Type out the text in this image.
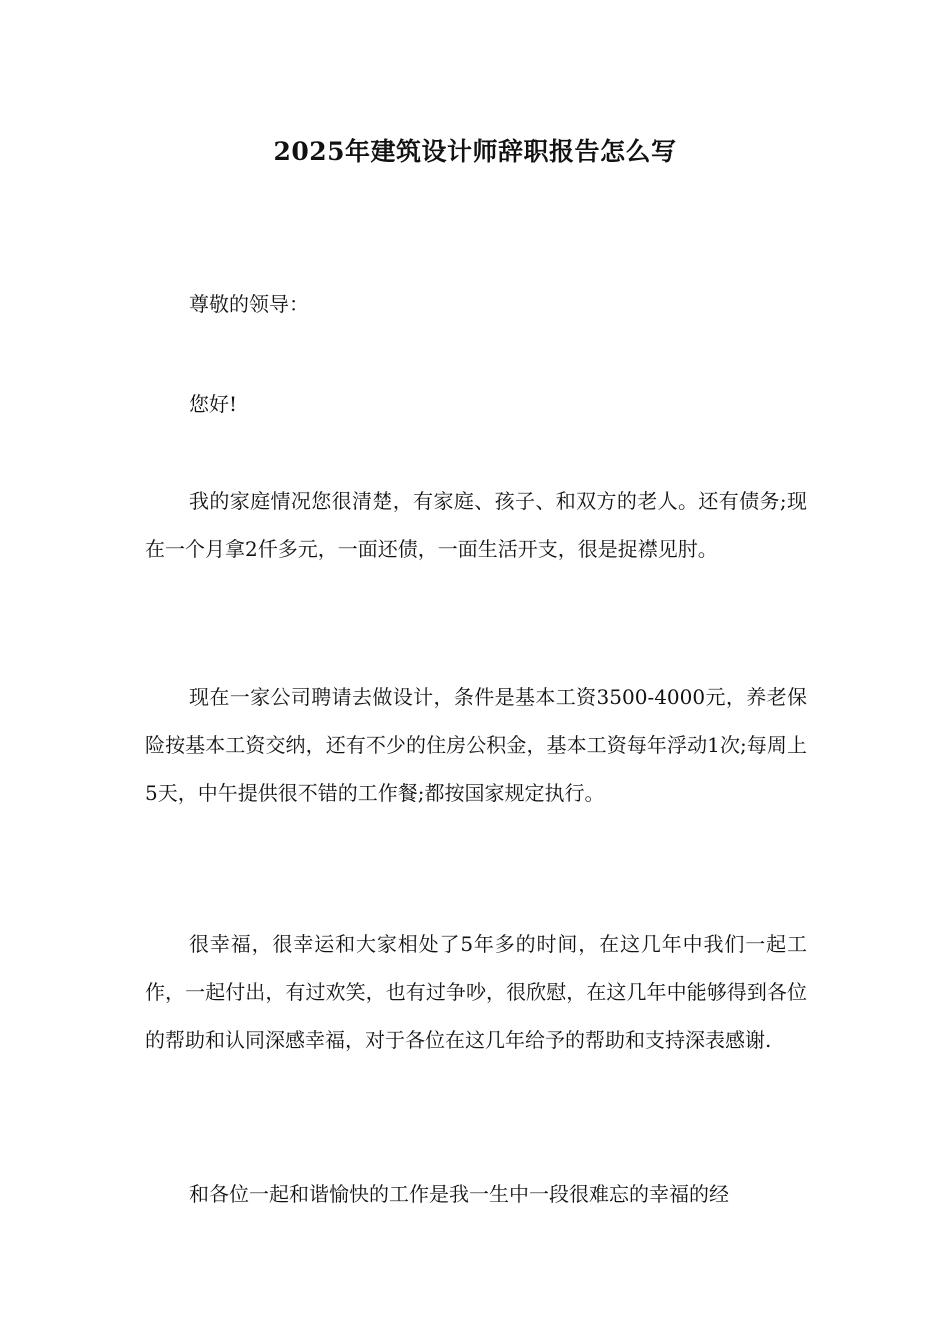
2025年建筑设计师辞职报告怎么写

尊敬的领导：

您好!

我的家庭情况您很清楚，有家庭、孩子、和双方的老人。还有债务;现在一个月拿2仟多元，一面还债，一面生活开支，很是捉襟见肘。

现在一家公司聘请去做设计，条件是基本工资3500-4000元，养老保险按基本工资交纳，还有不少的住房公积金，基本工资每年浮动1次;每周上5天，中午提供很不错的工作餐;都按国家规定执行。

很幸福，很幸运和大家相处了5年多的时间，在这几年中我们一起工作，一起付出，有过欢笑，也有过争吵，很欣慰，在这几年中能够得到各位的帮助和认同深感幸福，对于各位在这几年给予的帮助和支持深表感谢.

和各位一起和谐愉快的工作是我一生中一段很难忘的幸福的经
